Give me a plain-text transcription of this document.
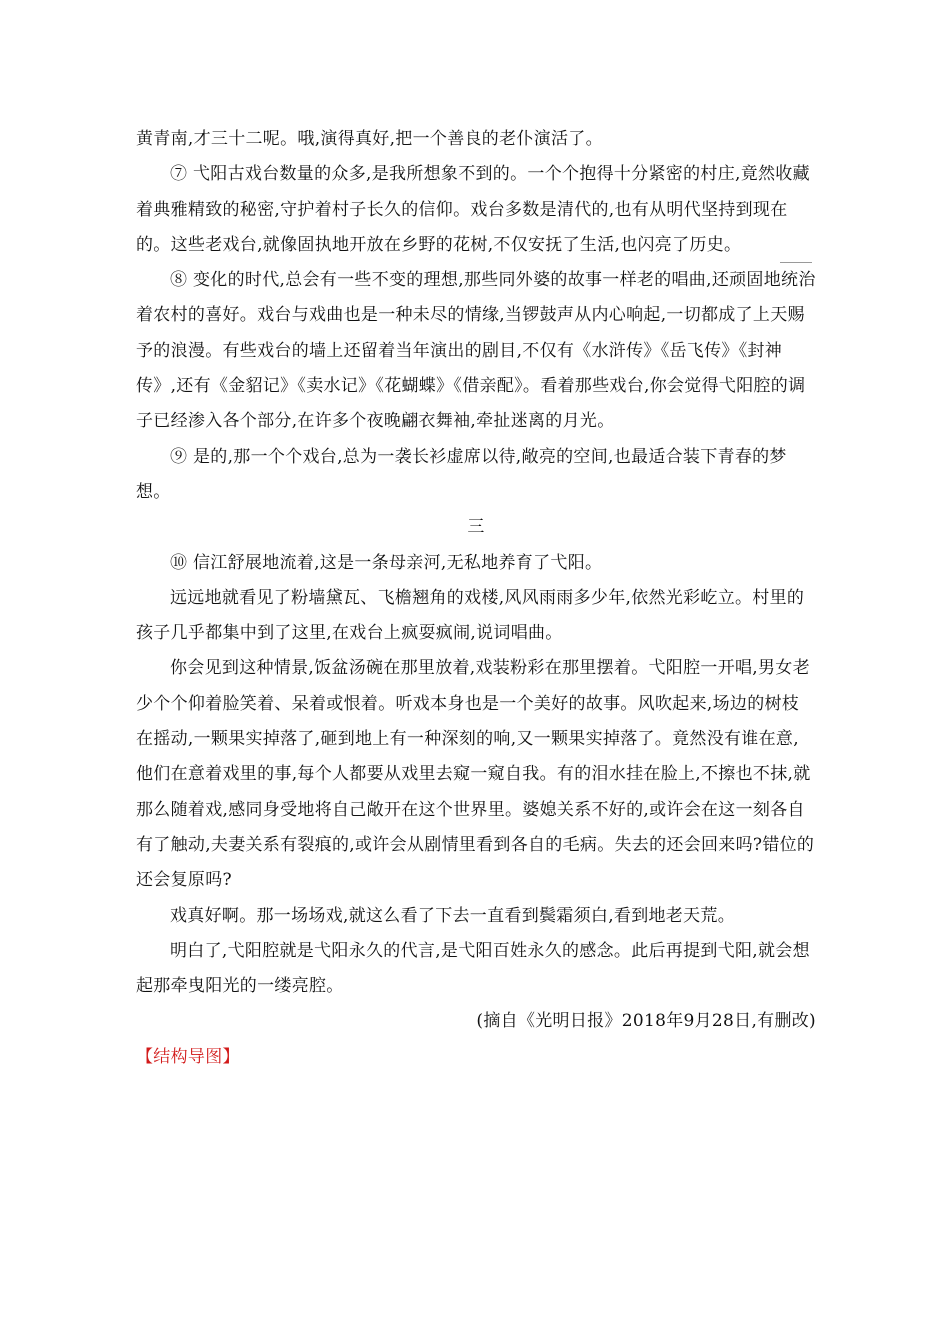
黄青南,才三十二呢。哦,演得真好,把一个善良的老仆演活了。

⑦ 弋阳古戏台数量的众多,是我所想象不到的。一个个抱得十分紧密的村庄,竟然收藏着典雅精致的秘密,守护着村子长久的信仰。戏台多数是清代的,也有从明代坚持到现在的。这些老戏台,就像固执地开放在乡野的花树,不仅安抚了生活,也闪亮了历史。

⑧ 变化的时代,总会有一些不变的理想,那些同外婆的故事一样老的唱曲,还顽固地统治着农村的喜好。戏台与戏曲也是一种未尽的情缘,当锣鼓声从内心响起,一切都成了上天赐予的浪漫。有些戏台的墙上还留着当年演出的剧目,不仅有《水浒传》《岳飞传》《封神传》,还有《金貂记》《卖水记》《花蝴蝶》《借亲配》。看着那些戏台,你会觉得弋阳腔的调子已经渗入各个部分,在许多个夜晚翩衣舞袖,牵扯迷离的月光。

⑨ 是的,那一个个戏台,总为一袭长衫虚席以待,敞亮的空间,也最适合装下青春的梦想。

三

⑩ 信江舒展地流着,这是一条母亲河,无私地养育了弋阳。

远远地就看见了粉墙黛瓦、飞檐翘角的戏楼,风风雨雨多少年,依然光彩屹立。村里的孩子几乎都集中到了这里,在戏台上疯耍疯闹,说词唱曲。

你会见到这种情景,饭盆汤碗在那里放着,戏装粉彩在那里摆着。弋阳腔一开唱,男女老少个个仰着脸笑着、呆着或恨着。听戏本身也是一个美好的故事。风吹起来,场边的树枝在摇动,一颗果实掉落了,砸到地上有一种深刻的响,又一颗果实掉落了。竟然没有谁在意,他们在意着戏里的事,每个人都要从戏里去窥一窥自我。有的泪水挂在脸上,不擦也不抹,就那么随着戏,感同身受地将自己敞开在这个世界里。婆媳关系不好的,或许会在这一刻各自有了触动,夫妻关系有裂痕的,或许会从剧情里看到各自的毛病。失去的还会回来吗?错位的还会复原吗?

戏真好啊。那一场场戏,就这么看了下去一直看到鬓霜须白,看到地老天荒。

明白了,弋阳腔就是弋阳永久的代言,是弋阳百姓永久的感念。此后再提到弋阳,就会想起那牵曳阳光的一缕亮腔。

(摘自《光明日报》2018年9月28日,有删改)

【结构导图】
